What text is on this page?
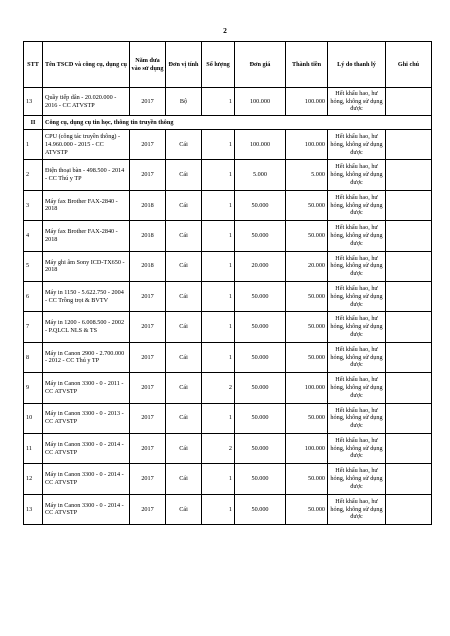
2
STT	Tên TSCD và công cụ, dụng cụ	Năm đưa vào sử dụng	Đơn vị tính	Số lượng	Đơn giá	Thành tiền	Lý do thanh lý	Ghi chú
13	Quầy tiếp dân - 20.020.000 - 2016 - CC ATVSTP	2017	Bộ	1	100.000	100.000	Hết khấu hao, hư hỏng, không sử dụng được	
II	Công cụ, dụng cụ tin học, thông tin truyền thông							
1	CPU (công tác truyền thông) - 14.960.000 - 2015 - CC ATVSTP	2017	Cái	1	100.000	100.000	Hết khấu hao, hư hỏng, không sử dụng được	
2	Điện thoại bàn - 498.500 - 2014 - CC Thú y TP	2017	Cái	1	5.000	5.000	Hết khấu hao, hư hỏng, không sử dụng được	
3	Máy fax Brother FAX-2840 - 2018	2018	Cái	1	50.000	50.000	Hết khấu hao, hư hỏng, không sử dụng được	
4	Máy fax Brother FAX-2840 - 2018	2018	Cái	1	50.000	50.000	Hết khấu hao, hư hỏng, không sử dụng được	
5	Máy ghi âm Sony ICD-TX650 - 2018	2018	Cái	1	20.000	20.000	Hết khấu hao, hư hỏng, không sử dụng được	
6	Máy in 1150 - 5.622.750 - 2004 - CC Trồng trọt & BVTV	2017	Cái	1	50.000	50.000	Hết khấu hao, hư hỏng, không sử dụng được	
7	Máy in 1200 - 6.008.500 - 2002 - P.QLCL NLS & TS	2017	Cái	1	50.000	50.000	Hết khấu hao, hư hỏng, không sử dụng được	
8	Máy in Canon 2900 - 2.700.000 - 2012 - CC Thú y TP	2017	Cái	1	50.000	50.000	Hết khấu hao, hư hỏng, không sử dụng được	
9	Máy in Canon 3300 - 0 - 2011 - CC ATVSTP	2017	Cái	2	50.000	100.000	Hết khấu hao, hư hỏng, không sử dụng được	
10	Máy in Canon 3300 - 0 - 2013 - CC ATVSTP	2017	Cái	1	50.000	50.000	Hết khấu hao, hư hỏng, không sử dụng được	
11	Máy in Canon 3300 - 0 - 2014 - CC ATVSTP	2017	Cái	2	50.000	100.000	Hết khấu hao, hư hỏng, không sử dụng được	
12	Máy in Canon 3300 - 0 - 2014 - CC ATVSTP	2017	Cái	1	50.000	50.000	Hết khấu hao, hư hỏng, không sử dụng được	
13	Máy in Canon 3300 - 0 - 2014 - CC ATVSTP	2017	Cái	1	50.000	50.000	Hết khấu hao, hư hỏng, không sử dụng được	
